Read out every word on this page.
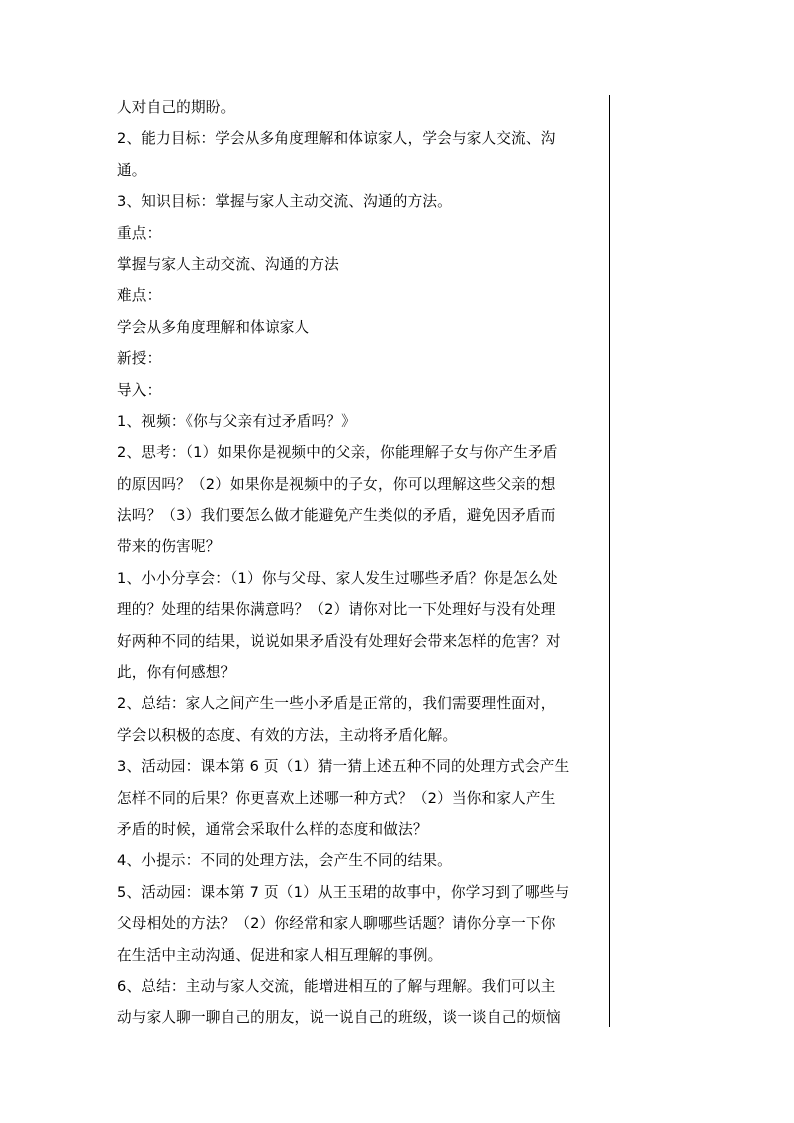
人对自己的期盼。
2、能力目标：学会从多角度理解和体谅家人，学会与家人交流、沟
通。
3、知识目标：掌握与家人主动交流、沟通的方法。
重点：
掌握与家人主动交流、沟通的方法
难点：
学会从多角度理解和体谅家人
新授：
导入：
1、视频：《你与父亲有过矛盾吗？》
2、思考：（1）如果你是视频中的父亲，你能理解子女与你产生矛盾
的原因吗？（2）如果你是视频中的子女，你可以理解这些父亲的想
法吗？（3）我们要怎么做才能避免产生类似的矛盾，避免因矛盾而
带来的伤害呢？
1、小小分享会：（1）你与父母、家人发生过哪些矛盾？你是怎么处
理的？处理的结果你满意吗？（2）请你对比一下处理好与没有处理
好两种不同的结果，说说如果矛盾没有处理好会带来怎样的危害？对
此，你有何感想？
2、总结：家人之间产生一些小矛盾是正常的，我们需要理性面对，
学会以积极的态度、有效的方法，主动将矛盾化解。
3、活动园：课本第 6 页（1）猜一猜上述五种不同的处理方式会产生
怎样不同的后果？你更喜欢上述哪一种方式？（2）当你和家人产生
矛盾的时候，通常会采取什么样的态度和做法？
4、小提示：不同的处理方法，会产生不同的结果。
5、活动园：课本第 7 页（1）从王玉珺的故事中，你学习到了哪些与
父母相处的方法？（2）你经常和家人聊哪些话题？请你分享一下你
在生活中主动沟通、促进和家人相互理解的事例。
6、总结：主动与家人交流，能增进相互的了解与理解。我们可以主
动与家人聊一聊自己的朋友，说一说自己的班级，谈一谈自己的烦恼
